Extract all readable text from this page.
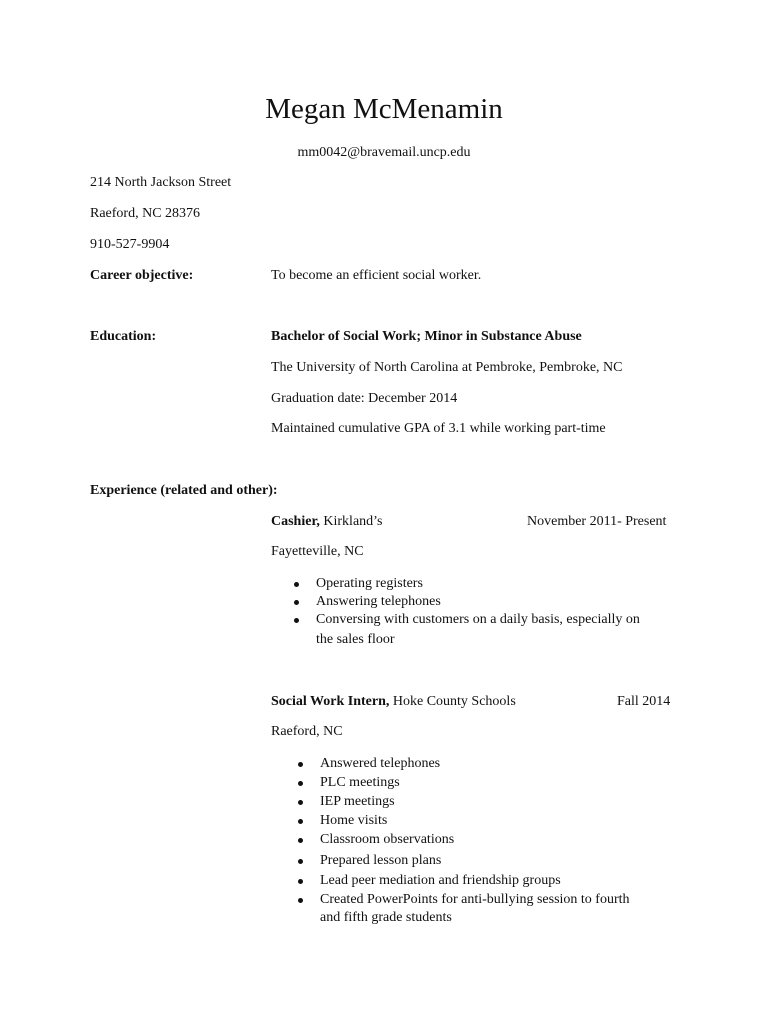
Megan McMenamin
mm0042@bravemail.uncp.edu
214 North Jackson Street
Raeford, NC 28376
910-527-9904
Career objective:	To become an efficient social worker.
Education:	Bachelor of Social Work; Minor in Substance Abuse
The University of North Carolina at Pembroke, Pembroke, NC
Graduation date: December 2014
Maintained cumulative GPA of 3.1 while working part-time
Experience (related and other):
Cashier, Kirkland’s	November 2011- Present
Fayetteville, NC
Operating registers
Answering telephones
Conversing with customers on a daily basis, especially on
the sales floor
Social Work Intern, Hoke County Schools	Fall 2014
Raeford, NC
Answered telephones
PLC meetings
IEP meetings
Home visits
Classroom observations
Prepared lesson plans
Lead peer mediation and friendship groups
Created PowerPoints for anti-bullying session to fourth
and fifth grade students
